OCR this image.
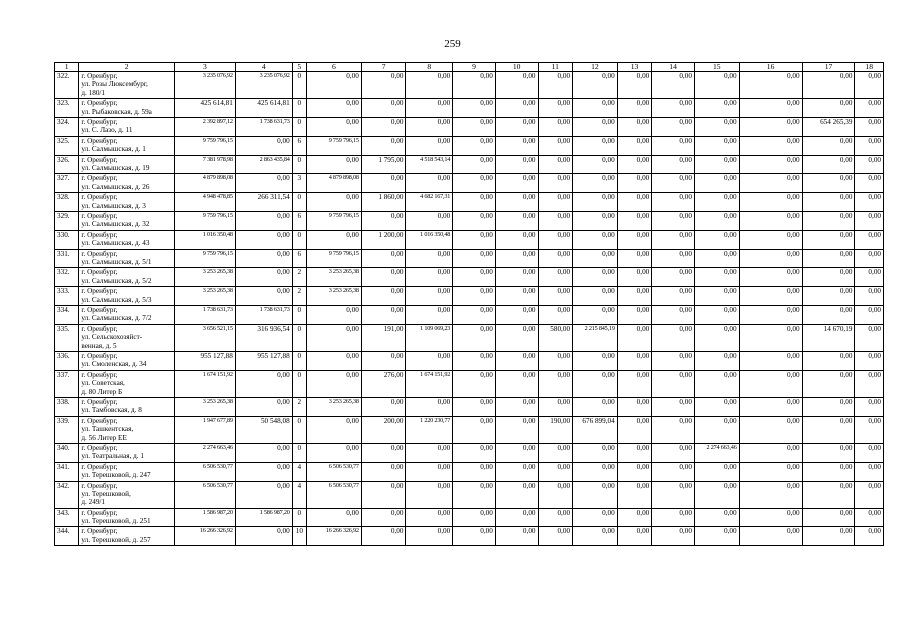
259
1	2	3	4	5	6	7	8	9	10	11	12	13	14	15	16	17	18
322.	г. Оренбург,
ул. Розы Люксембург,
д. 180/1	3 235 076,92	3 235 076,92	0	0,00	0,00	0,00	0,00	0,00	0,00	0,00	0,00	0,00	0,00	0,00	0,00	0,00
323.	г. Оренбург,
ул. Рыбаковская, д. 59а	425 614,81	425 614,81	0	0,00	0,00	0,00	0,00	0,00	0,00	0,00	0,00	0,00	0,00	0,00	0,00	0,00
324.	г. Оренбург,
ул. С. Лазо, д. 11	2 392 897,12	1 738 631,73	0	0,00	0,00	0,00	0,00	0,00	0,00	0,00	0,00	0,00	0,00	0,00	654 265,39	0,00
325.	г. Оренбург,
ул. Салмышская, д. 1	9 759 796,15	0,00	6	9 759 796,15	0,00	0,00	0,00	0,00	0,00	0,00	0,00	0,00	0,00	0,00	0,00	0,00
326.	г. Оренбург,
ул. Салмышская, д. 19	7 381 978,98	2 863 435,84	0	0,00	1 795,00	4 518 543,14	0,00	0,00	0,00	0,00	0,00	0,00	0,00	0,00	0,00	0,00
327.	г. Оренбург,
ул. Салмышская, д. 26	4 879 898,08	0,00	3	4 879 898,08	0,00	0,00	0,00	0,00	0,00	0,00	0,00	0,00	0,00	0,00	0,00	0,00
328.	г. Оренбург,
ул. Салмышская, д. 3	4 948 478,85	266 311,54	0	0,00	1 860,00	4 682 167,31	0,00	0,00	0,00	0,00	0,00	0,00	0,00	0,00	0,00	0,00
329.	г. Оренбург,
ул. Салмышская, д. 32	9 759 796,15	0,00	6	9 759 796,15	0,00	0,00	0,00	0,00	0,00	0,00	0,00	0,00	0,00	0,00	0,00	0,00
330.	г. Оренбург,
ул. Салмышская, д. 43	1 016 350,48	0,00	0	0,00	1 200,00	1 016 350,48	0,00	0,00	0,00	0,00	0,00	0,00	0,00	0,00	0,00	0,00
331.	г. Оренбург,
ул. Салмышская, д. 5/1	9 759 796,15	0,00	6	9 759 796,15	0,00	0,00	0,00	0,00	0,00	0,00	0,00	0,00	0,00	0,00	0,00	0,00
332.	г. Оренбург,
ул. Салмышская, д. 5/2	3 253 265,38	0,00	2	3 253 265,38	0,00	0,00	0,00	0,00	0,00	0,00	0,00	0,00	0,00	0,00	0,00	0,00
333.	г. Оренбург,
ул. Салмышская, д. 5/3	3 253 265,38	0,00	2	3 253 265,38	0,00	0,00	0,00	0,00	0,00	0,00	0,00	0,00	0,00	0,00	0,00	0,00
334.	г. Оренбург,
ул. Салмышская, д. 7/2	1 738 631,73	1 738 631,73	0	0,00	0,00	0,00	0,00	0,00	0,00	0,00	0,00	0,00	0,00	0,00	0,00	0,00
335.	г. Оренбург,
ул. Сельскохозяйст-
венная, д. 5	3 656 521,15	316 936,54	0	0,00	191,00	1 109 069,23	0,00	0,00	580,00	2 215 845,19	0,00	0,00	0,00	0,00	14 670,19	0,00
336.	г. Оренбург,
ул. Смоленская, д. 34	955 127,88	955 127,88	0	0,00	0,00	0,00	0,00	0,00	0,00	0,00	0,00	0,00	0,00	0,00	0,00	0,00
337.	г. Оренбург,
ул. Советская,
д. 80 Литер Б	1 674 151,92	0,00	0	0,00	276,00	1 674 151,92	0,00	0,00	0,00	0,00	0,00	0,00	0,00	0,00	0,00	0,00
338.	г. Оренбург,
ул. Тамбовская, д. 8	3 253 265,38	0,00	2	3 253 265,38	0,00	0,00	0,00	0,00	0,00	0,00	0,00	0,00	0,00	0,00	0,00	0,00
339.	г. Оренбург,
ул. Ташкентская,
д. 56 Литер ЕЕ	1 947 677,89	50 548,08	0	0,00	200,00	1 220 230,77	0,00	0,00	190,00	676 899,04	0,00	0,00	0,00	0,00	0,00	0,00
340.	г. Оренбург,
ул. Театральная, д. 1	2 274 663,46	0,00	0	0,00	0,00	0,00	0,00	0,00	0,00	0,00	0,00	0,00	2 274 663,46	0,00	0,00	0,00
341.	г. Оренбург,
ул. Терешковой, д. 247	6 506 530,77	0,00	4	6 506 530,77	0,00	0,00	0,00	0,00	0,00	0,00	0,00	0,00	0,00	0,00	0,00	0,00
342.	г. Оренбург,
ул. Терешковой,
д. 249/1	6 506 530,77	0,00	4	6 506 530,77	0,00	0,00	0,00	0,00	0,00	0,00	0,00	0,00	0,00	0,00	0,00	0,00
343.	г. Оренбург,
ул. Терешковой, д. 251	1 586 987,20	1 586 987,20	0	0,00	0,00	0,00	0,00	0,00	0,00	0,00	0,00	0,00	0,00	0,00	0,00	0,00
344.	г. Оренбург,
ул. Терешковой, д. 257	16 266 326,92	0,00	10	16 266 326,92	0,00	0,00	0,00	0,00	0,00	0,00	0,00	0,00	0,00	0,00	0,00	0,00
